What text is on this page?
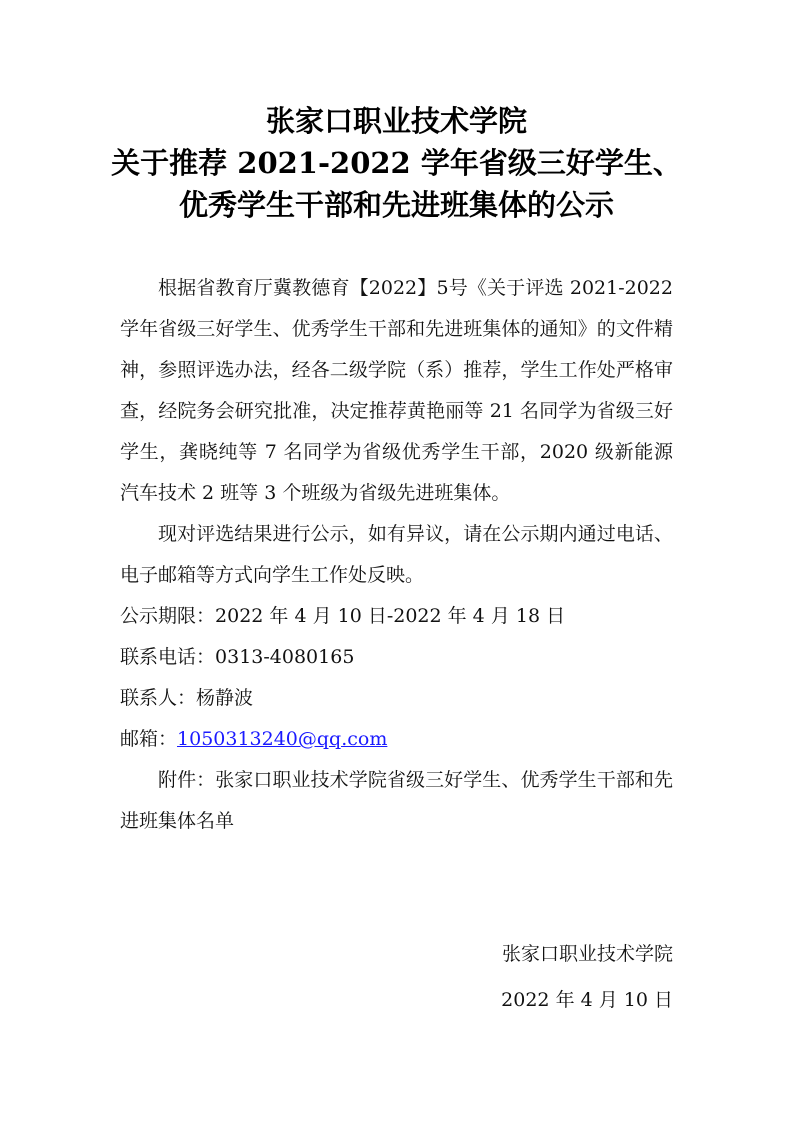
张家口职业技术学院
关于推荐 2021-2022 学年省级三好学生、
优秀学生干部和先进班集体的公示

根据省教育厅冀教德育【2022】5号《关于评选 2021-2022 学年省级三好学生、优秀学生干部和先进班集体的通知》的文件精神，参照评选办法，经各二级学院（系）推荐，学生工作处严格审查，经院务会研究批准，决定推荐黄艳丽等 21 名同学为省级三好学生，龚晓纯等 7 名同学为省级优秀学生干部，2020 级新能源汽车技术 2 班等 3 个班级为省级先进班集体。

现对评选结果进行公示，如有异议，请在公示期内通过电话、电子邮箱等方式向学生工作处反映。

公示期限：2022 年 4 月 10 日-2022 年 4 月 18 日

联系电话：0313-4080165

联系人：杨静波

邮箱：1050313240@qq.com

附件：张家口职业技术学院省级三好学生、优秀学生干部和先进班集体名单

张家口职业技术学院
2022 年 4 月 10 日
